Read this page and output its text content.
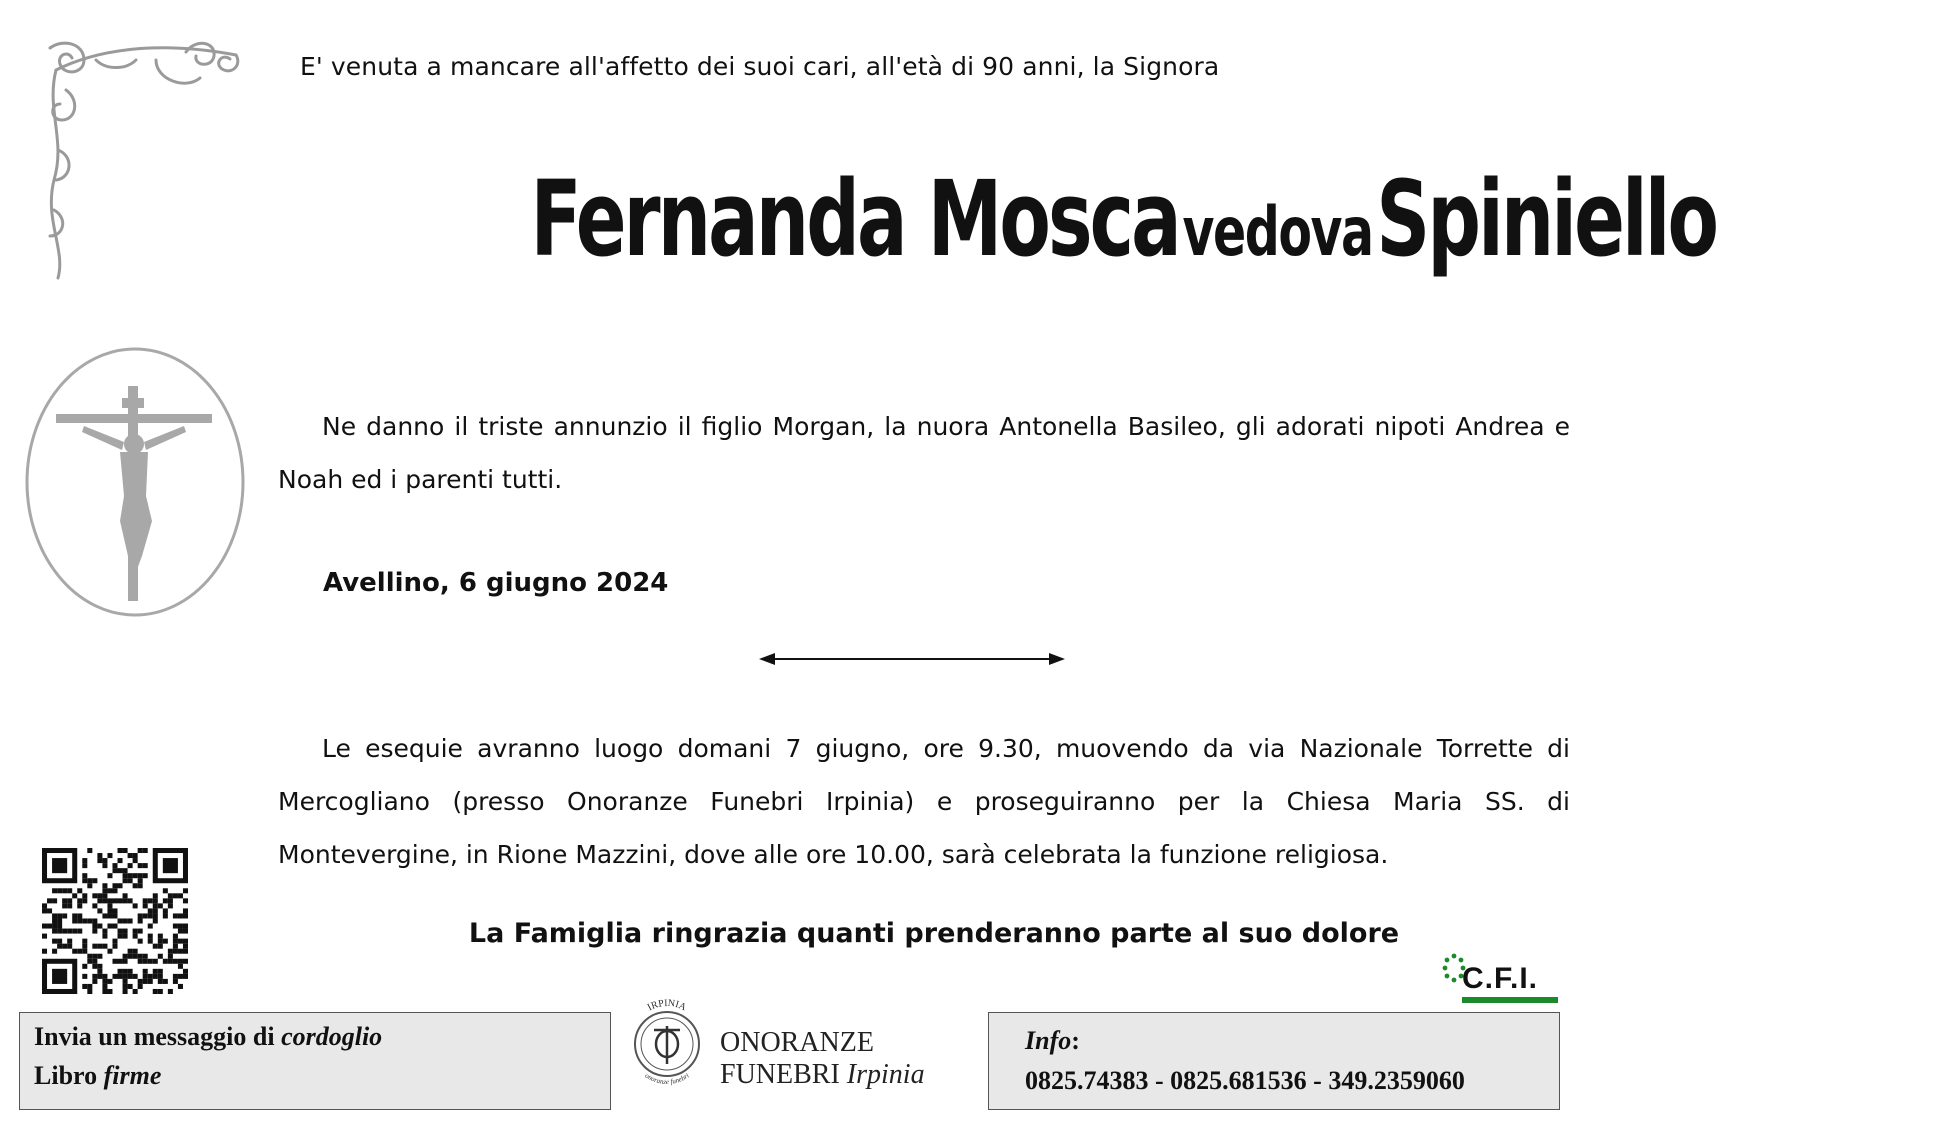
E' venuta a mancare all'affetto dei suoi cari, all'età di 90 anni, la Signora
Fernanda Mosca vedova Spiniello
Ne danno il triste annunzio il figlio Morgan, la nuora Antonella Basileo, gli adorati nipoti Andrea e Noah ed i parenti tutti.
Avellino, 6 giugno 2024
Le esequie avranno luogo domani 7 giugno, ore 9.30, muovendo da via Nazionale Torrette di Mercogliano (presso Onoranze Funebri Irpinia) e proseguiranno per la Chiesa Maria SS. di Montevergine, in Rione Mazzini, dove alle ore 10.00, sarà celebrata la funzione religiosa.
La Famiglia ringrazia quanti prenderanno parte al suo dolore
C.F.I.
Invia un messaggio di cordoglio
Libro firme
IRPINIA
onoranze funebri
ONORANZE
FUNEBRI Irpinia
Info:
0825.74383 - 0825.681536 - 349.2359060
